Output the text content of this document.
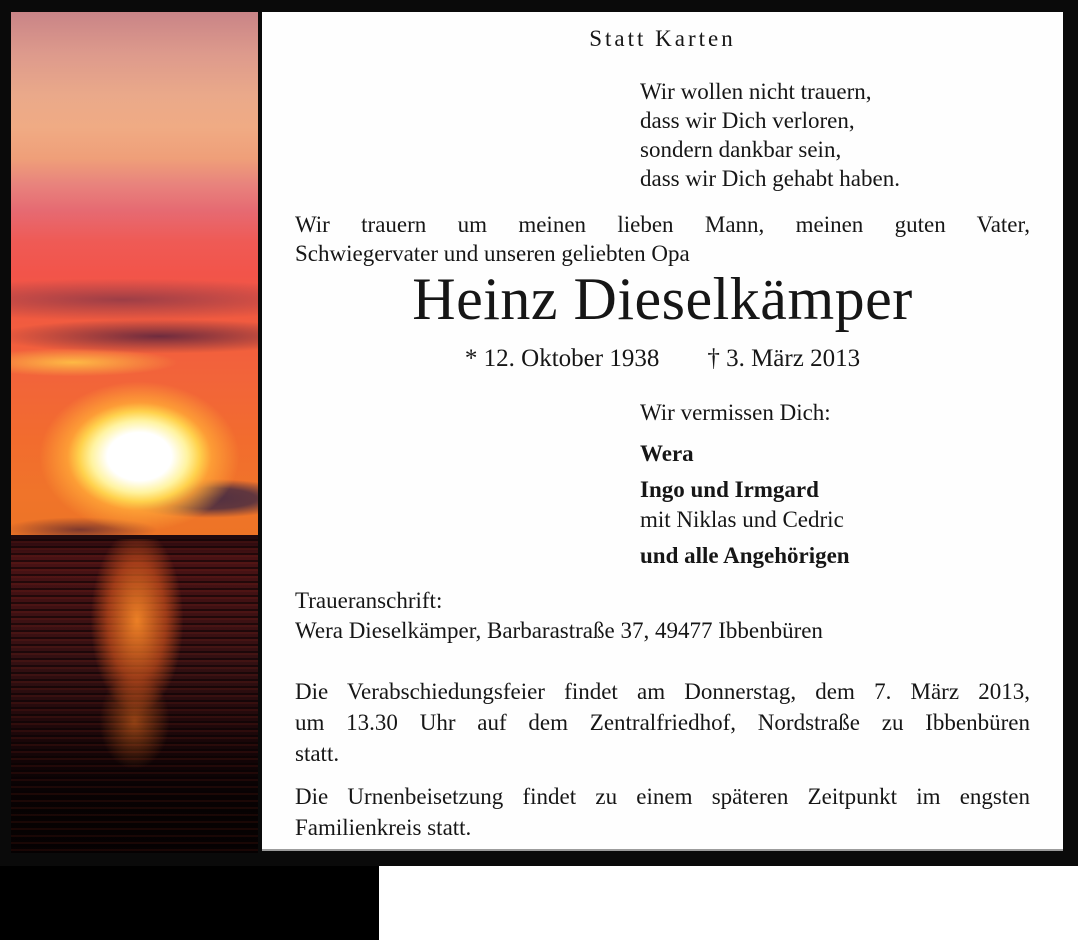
Statt Karten
Wir wollen nicht trauern,
dass wir Dich verloren,
sondern dankbar sein,
dass wir Dich gehabt haben.
Wir trauern um meinen lieben Mann, meinen guten Vater,
Schwiegervater und unseren geliebten Opa
Heinz Dieselkämper
* 12. Oktober 1938 † 3. März 2013
Wir vermissen Dich:
Wera
Ingo und Irmgard
mit Niklas und Cedric
und alle Angehörigen
Traueranschrift:
Wera Dieselkämper, Barbarastraße 37, 49477 Ibbenbüren
Die Verabschiedungsfeier findet am Donnerstag, dem 7. März 2013,
um 13.30 Uhr auf dem Zentralfriedhof, Nordstraße zu Ibbenbüren
statt.
Die Urnenbeisetzung findet zu einem späteren Zeitpunkt im engsten
Familienkreis statt.
